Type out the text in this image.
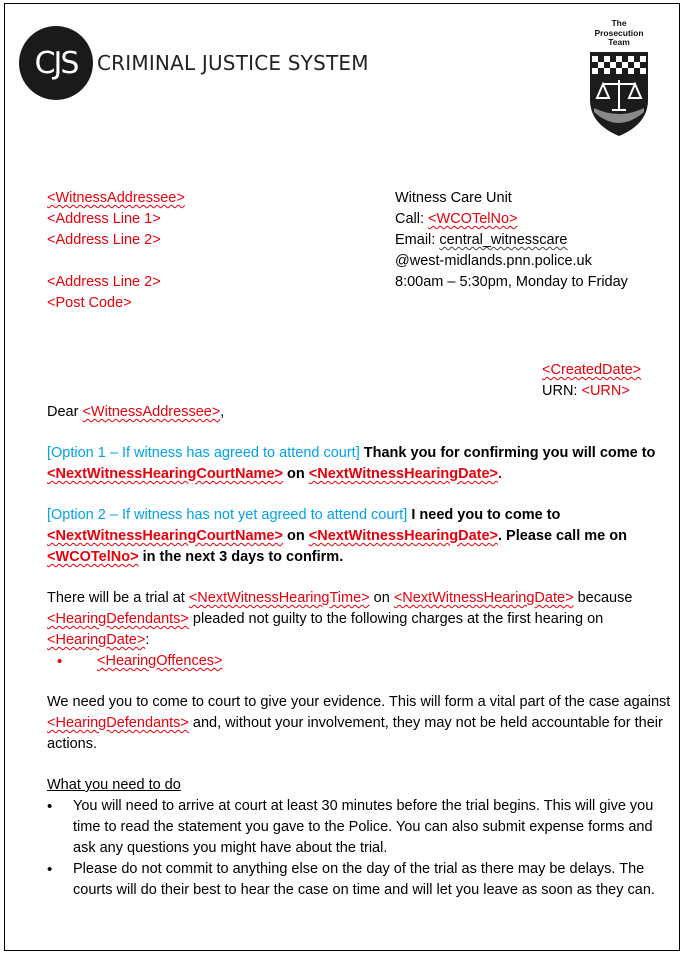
CJS CRIMINAL JUSTICE SYSTEM
The
Prosecution
Team
<WitnessAddressee>
<Address Line 1>
<Address Line 2>
<Address Line 2>
<Post Code>
Witness Care Unit
Call: <WCOTelNo>
Email: central_witnesscare
@west-midlands.pnn.police.uk
8:00am – 5:30pm, Monday to Friday
<CreatedDate>
URN: <URN>

Dear <WitnessAddressee>,

[Option 1 – If witness has agreed to attend court] Thank you for confirming you will come to <NextWitnessHearingCourtName> on <NextWitnessHearingDate>.

[Option 2 – If witness has not yet agreed to attend court] I need you to come to <NextWitnessHearingCourtName> on <NextWitnessHearingDate>. Please call me on <WCOTelNo> in the next 3 days to confirm.

There will be a trial at <NextWitnessHearingTime> on <NextWitnessHearingDate> because <HearingDefendants> pleaded not guilty to the following charges at the first hearing on <HearingDate>:

• <HearingOffences>

We need you to come to court to give your evidence. This will form a vital part of the case against <HearingDefendants> and, without your involvement, they may not be held accountable for their actions.

What you need to do

• You will need to arrive at court at least 30 minutes before the trial begins. This will give you time to read the statement you gave to the Police. You can also submit expense forms and ask any questions you might have about the trial.
• Please do not commit to anything else on the day of the trial as there may be delays. The courts will do their best to hear the case on time and will let you leave as soon as they can.
